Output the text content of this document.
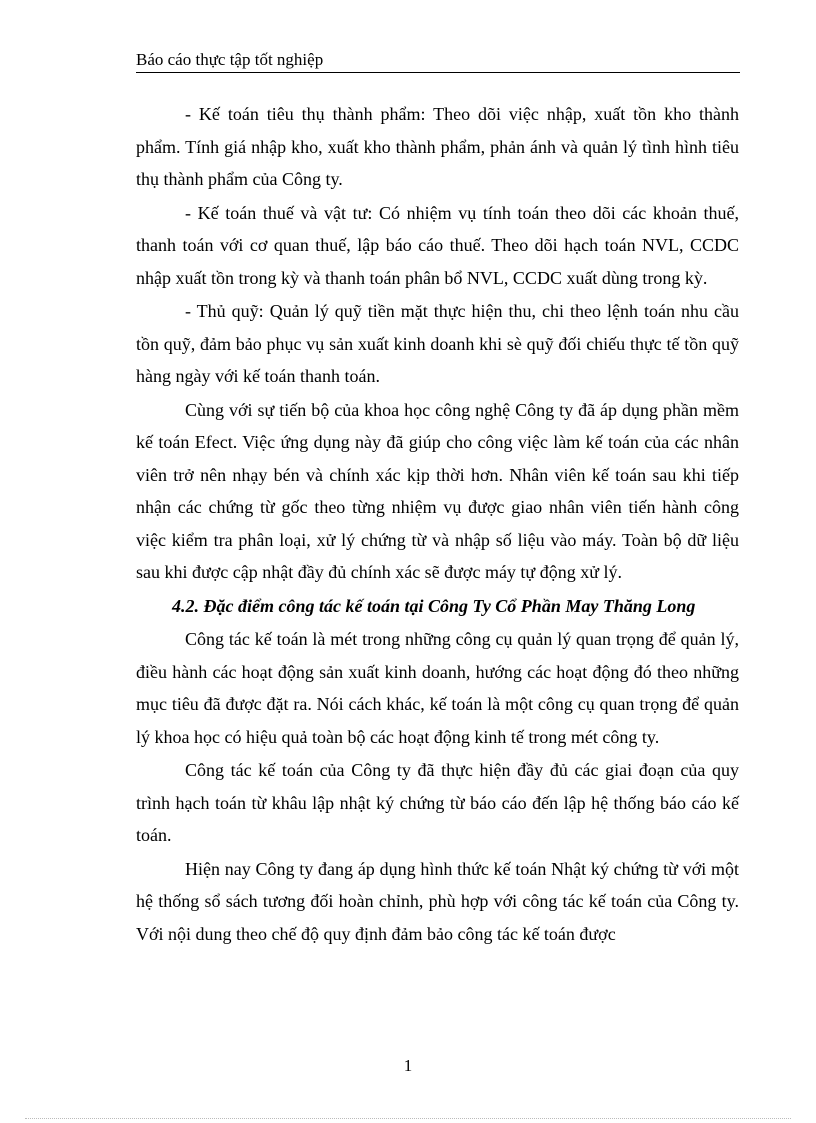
Báo cáo thực tập tốt nghiệp

- Kế toán tiêu thụ thành phẩm: Theo dõi việc nhập, xuất tồn kho thành phẩm. Tính giá nhập kho, xuất kho thành phẩm, phản ánh và quản lý tình hình tiêu thụ thành phẩm của Công ty.

- Kế toán thuế và vật tư: Có nhiệm vụ tính toán theo dõi các khoản thuế, thanh toán với cơ quan thuế, lập báo cáo thuế. Theo dõi hạch toán NVL, CCDC nhập xuất tồn trong kỳ và thanh toán phân bổ NVL, CCDC xuất dùng trong kỳ.

- Thủ quỹ: Quản lý quỹ tiền mặt thực hiện thu, chi theo lệnh toán nhu cầu tồn quỹ, đảm bảo phục vụ sản xuất kinh doanh khi sè quỹ đối chiếu thực tế tồn quỹ hàng ngày với kế toán thanh toán.

Cùng với sự tiến bộ của khoa học công nghệ Công ty đã áp dụng phần mềm kế toán Efect. Việc ứng dụng này đã giúp cho công việc làm kế toán của các nhân viên trở nên nhạy bén và chính xác kịp thời hơn. Nhân viên kế toán sau khi tiếp nhận các chứng từ gốc theo từng nhiệm vụ được giao nhân viên tiến hành công việc kiểm tra phân loại, xử lý chứng từ và nhập số liệu vào máy. Toàn bộ dữ liệu sau khi được cập nhật đầy đủ chính xác sẽ được máy tự động xử lý.

4.2. Đặc điểm công tác kế toán tại Công Ty Cổ Phần May Thăng Long

Công tác kế toán là mét trong những công cụ quản lý quan trọng để quản lý, điều hành các hoạt động sản xuất kinh doanh, hướng các hoạt động đó theo những mục tiêu đã được đặt ra. Nói cách khác, kế toán là một công cụ quan trọng để quản lý khoa học có hiệu quả toàn bộ các hoạt động kinh tế trong mét công ty.

Công tác kế toán của Công ty đã thực hiện đầy đủ các giai đoạn của quy trình hạch toán từ khâu lập nhật ký chứng từ báo cáo đến lập hệ thống báo cáo kế toán.

Hiện nay Công ty đang áp dụng hình thức kế toán Nhật ký chứng từ với một hệ thống sổ sách tương đối hoàn chỉnh, phù hợp với công tác kế toán của Công ty. Với nội dung theo chế độ quy định đảm bảo công tác kế toán được

1
